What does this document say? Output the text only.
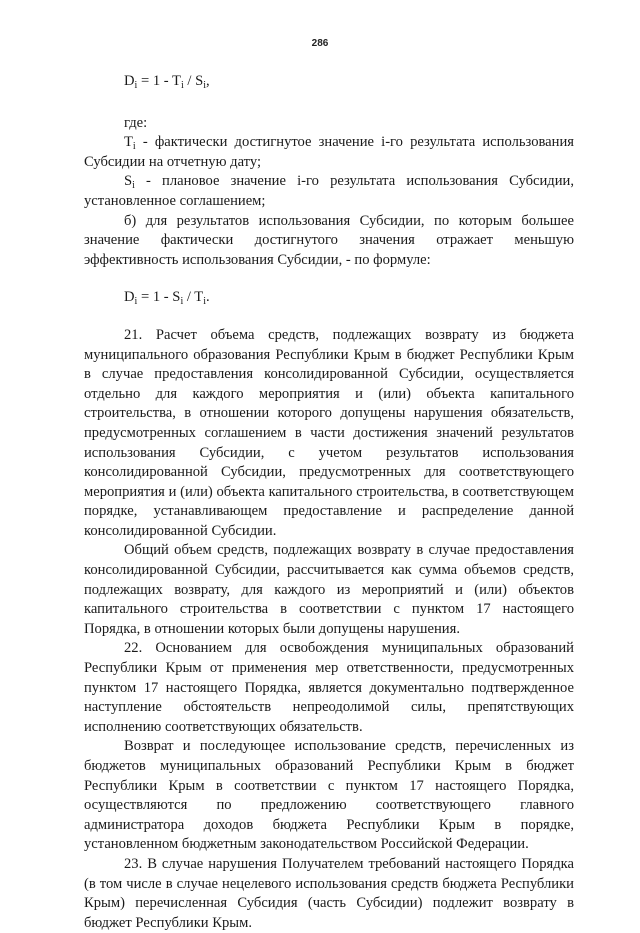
286

$D_i = 1 - T_i / S_i$,

где:

$T_i$ - фактически достигнутое значение i-го результата использования Субсидии на отчетную дату;

$S_i$ - плановое значение i-го результата использования Субсидии, установленное соглашением;

б) для результатов использования Субсидии, по которым большее значение фактически достигнутого значения отражает меньшую эффективность использования Субсидии, - по формуле:

$D_i = 1 - S_i / T_i$.

21. Расчет объема средств, подлежащих возврату из бюджета муниципального образования Республики Крым в бюджет Республики Крым в случае предоставления консолидированной Субсидии, осуществляется отдельно для каждого мероприятия и (или) объекта капитального строительства, в отношении которого допущены нарушения обязательств, предусмотренных соглашением в части достижения значений результатов использования Субсидии, с учетом результатов использования консолидированной Субсидии, предусмотренных для соответствующего мероприятия и (или) объекта капитального строительства, в соответствующем порядке, устанавливающем предоставление и распределение данной консолидированной Субсидии.

Общий объем средств, подлежащих возврату в случае предоставления консолидированной Субсидии, рассчитывается как сумма объемов средств, подлежащих возврату, для каждого из мероприятий и (или) объектов капитального строительства в соответствии с пунктом 17 настоящего Порядка, в отношении которых были допущены нарушения.

22. Основанием для освобождения муниципальных образований Республики Крым от применения мер ответственности, предусмотренных пунктом 17 настоящего Порядка, является документально подтвержденное наступление обстоятельств непреодолимой силы, препятствующих исполнению соответствующих обязательств.

Возврат и последующее использование средств, перечисленных из бюджетов муниципальных образований Республики Крым в бюджет Республики Крым в соответствии с пунктом 17 настоящего Порядка, осуществляются по предложению соответствующего главного администратора доходов бюджета Республики Крым в порядке, установленном бюджетным законодательством Российской Федерации.

23. В случае нарушения Получателем требований настоящего Порядка (в том числе в случае нецелевого использования средств бюджета Республики Крым) перечисленная Субсидия (часть Субсидии) подлежит возврату в бюджет Республики Крым.
